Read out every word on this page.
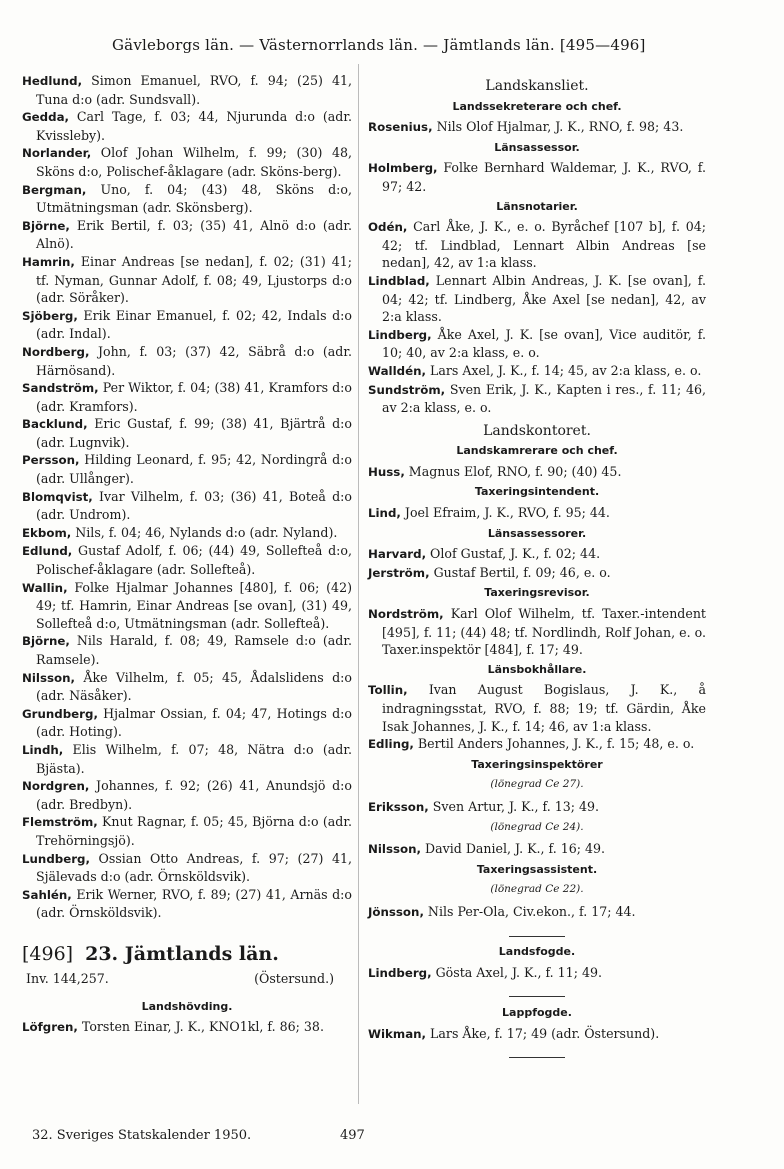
Gävleborgs län. — Västernorrlands län. — Jämtlands län. [495—496]

Hedlund, Simon Emanuel, RVO, f. 94; (25) 41, Tuna d:o (adr. Sundsvall).

Gedda, Carl Tage, f. 03; 44, Njurunda d:o (adr. Kvissleby).

Norlander, Olof Johan Wilhelm, f. 99; (30) 48, Sköns d:o, Polischef-åklagare (adr. Sköns-berg).

Bergman, Uno, f. 04; (43) 48, Sköns d:o, Utmätningsman (adr. Skönsberg).

Björne, Erik Bertil, f. 03; (35) 41, Alnö d:o (adr. Alnö).

Hamrin, Einar Andreas [se nedan], f. 02; (31) 41; tf. Nyman, Gunnar Adolf, f. 08; 49, Ljustorps d:o (adr. Söråker).

Sjöberg, Erik Einar Emanuel, f. 02; 42, Indals d:o (adr. Indal).

Nordberg, John, f. 03; (37) 42, Säbrå d:o (adr. Härnösand).

Sandström, Per Wiktor, f. 04; (38) 41, Kramfors d:o (adr. Kramfors).

Backlund, Eric Gustaf, f. 99; (38) 41, Bjärtrå d:o (adr. Lugnvik).

Persson, Hilding Leonard, f. 95; 42, Nordingrå d:o (adr. Ullånger).

Blomqvist, Ivar Vilhelm, f. 03; (36) 41, Boteå d:o (adr. Undrom).

Ekbom, Nils, f. 04; 46, Nylands d:o (adr. Nyland).

Edlund, Gustaf Adolf, f. 06; (44) 49, Sollefteå d:o, Polischef-åklagare (adr. Sollefteå).

Wallin, Folke Hjalmar Johannes [480], f. 06; (42) 49; tf. Hamrin, Einar Andreas [se ovan], (31) 49, Sollefteå d:o, Utmätningsman (adr. Sollefteå).

Björne, Nils Harald, f. 08; 49, Ramsele d:o (adr. Ramsele).

Nilsson, Åke Vilhelm, f. 05; 45, Ådalslidens d:o (adr. Näsåker).

Grundberg, Hjalmar Ossian, f. 04; 47, Hotings d:o (adr. Hoting).

Lindh, Elis Wilhelm, f. 07; 48, Nätra d:o (adr. Bjästa).

Nordgren, Johannes, f. 92; (26) 41, Anundsjö d:o (adr. Bredbyn).

Flemström, Knut Ragnar, f. 05; 45, Björna d:o (adr. Trehörningsjö).

Lundberg, Ossian Otto Andreas, f. 97; (27) 41, Själevads d:o (adr. Örnsköldsvik).

Sahlén, Erik Werner, RVO, f. 89; (27) 41, Arnäs d:o (adr. Örnsköldsvik).

[496] 23. Jämtlands län.
Inv. 144,257.	(Östersund.)
Landshövding.

Löfgren, Torsten Einar, J. K., KNO1kl, f. 86; 38.

Landskansliet.
Landssekreterare och chef.

Rosenius, Nils Olof Hjalmar, J. K., RNO, f. 98; 43.

Länsassessor.

Holmberg, Folke Bernhard Waldemar, J. K., RVO, f. 97; 42.

Länsnotarier.

Odén, Carl Åke, J. K., e. o. Byråchef [107 b], f. 04; 42; tf. Lindblad, Lennart Albin Andreas [se nedan], 42, av 1:a klass.

Lindblad, Lennart Albin Andreas, J. K. [se ovan], f. 04; 42; tf. Lindberg, Åke Axel [se nedan], 42, av 2:a klass.

Lindberg, Åke Axel, J. K. [se ovan], Vice auditör, f. 10; 40, av 2:a klass, e. o.

Walldén, Lars Axel, J. K., f. 14; 45, av 2:a klass, e. o.

Sundström, Sven Erik, J. K., Kapten i res., f. 11; 46, av 2:a klass, e. o.

Landskontoret.
Landskamrerare och chef.

Huss, Magnus Elof, RNO, f. 90; (40) 45.

Taxeringsintendent.

Lind, Joel Efraim, J. K., RVO, f. 95; 44.

Länsassessorer.

Harvard, Olof Gustaf, J. K., f. 02; 44.

Jerström, Gustaf Bertil, f. 09; 46, e. o.

Taxeringsrevisor.

Nordström, Karl Olof Wilhelm, tf. Taxer.-intendent [495], f. 11; (44) 48; tf. Nordlindh, Rolf Johan, e. o. Taxer.inspektör [484], f. 17; 49.

Länsbokhållare.

Tollin, Ivan August Bogislaus, J. K., å indragningsstat, RVO, f. 88; 19; tf. Gärdin, Åke Isak Johannes, J. K., f. 14; 46, av 1:a klass.

Edling, Bertil Anders Johannes, J. K., f. 15; 48, e. o.

Taxeringsinspektörer
(lönegrad Ce 27).

Eriksson, Sven Artur, J. K., f. 13; 49.

(lönegrad Ce 24).

Nilsson, David Daniel, J. K., f. 16; 49.

Taxeringsassistent.
(lönegrad Ce 22).

Jönsson, Nils Per-Ola, Civ.ekon., f. 17; 44.

Landsfogde.

Lindberg, Gösta Axel, J. K., f. 11; 49.

Lappfogde.

Wikman, Lars Åke, f. 17; 49 (adr. Östersund).

32. Sveriges Statskalender 1950.	497
